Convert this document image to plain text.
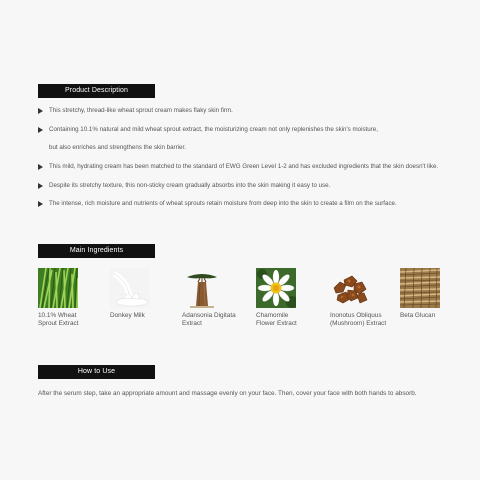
Product Description
This stretchy, thread-like wheat sprout cream makes flaky skin firm.
Containing 10.1% natural and mild wheat sprout extract, the moisturizing cream not only replenishes the skin's moisture,
but also enriches and strengthens the skin barrier.
This mild, hydrating cream has been matched to the standard of EWG Green Level 1-2 and has excluded ingredients that the skin doesn't like.
Despite its stretchy texture, this non-sticky cream gradually absorbs into the skin making it easy to use.
The intense, rich moisture and nutrients of wheat sprouts retain moisture from deep into the skin to create a film on the surface.
Main Ingredients
10.1% Wheat
Sprout Extract
Donkey Milk	Adansonia Digitata
Extract
Chamomile
Flower Extract
Inonotus Obliquus
(Mushroom) Extract
Beta Glucan
How to Use
After the serum step, take an appropriate amount and massage evenly on your face. Then, cover your face with both hands to absorb.
